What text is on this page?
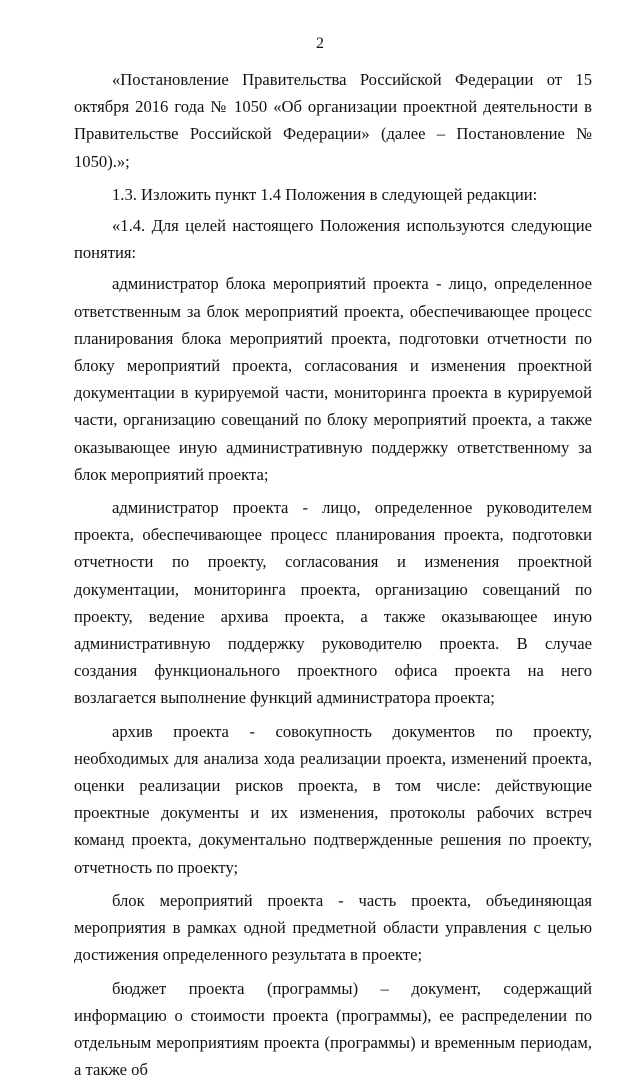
2

«Постановление Правительства Российской Федерации от 15 октября 2016 года № 1050 «Об организации проектной деятельности в Правительстве Российской Федерации» (далее – Постановление № 1050).»;

1.3. Изложить пункт 1.4 Положения в следующей редакции:

«1.4. Для целей настоящего Положения используются следующие понятия:

администратор блока мероприятий проекта - лицо, определенное ответственным за блок мероприятий проекта, обеспечивающее процесс планирования блока мероприятий проекта, подготовки отчетности по блоку мероприятий проекта, согласования и изменения проектной документации в курируемой части, мониторинга проекта в курируемой части, организацию совещаний по блоку мероприятий проекта, а также оказывающее иную административную поддержку ответственному за блок мероприятий проекта;

администратор проекта - лицо, определенное руководителем проекта, обеспечивающее процесс планирования проекта, подготовки отчетности по проекту, согласования и изменения проектной документации, мониторинга проекта, организацию совещаний по проекту, ведение архива проекта, а также оказывающее иную административную поддержку руководителю проекта. В случае создания функционального проектного офиса проекта на него возлагается выполнение функций администратора проекта;

архив проекта - совокупность документов по проекту, необходимых для анализа хода реализации проекта, изменений проекта, оценки реализации рисков проекта, в том числе: действующие проектные документы и их изменения, протоколы рабочих встреч команд проекта, документально подтвержденные решения по проекту, отчетность по проекту;

блок мероприятий проекта - часть проекта, объединяющая мероприятия в рамках одной предметной области управления с целью достижения определенного результата в проекте;

бюджет проекта (программы) – документ, содержащий информацию о стоимости проекта (программы), ее распределении по отдельным мероприятиям проекта (программы) и временным периодам, а также об
